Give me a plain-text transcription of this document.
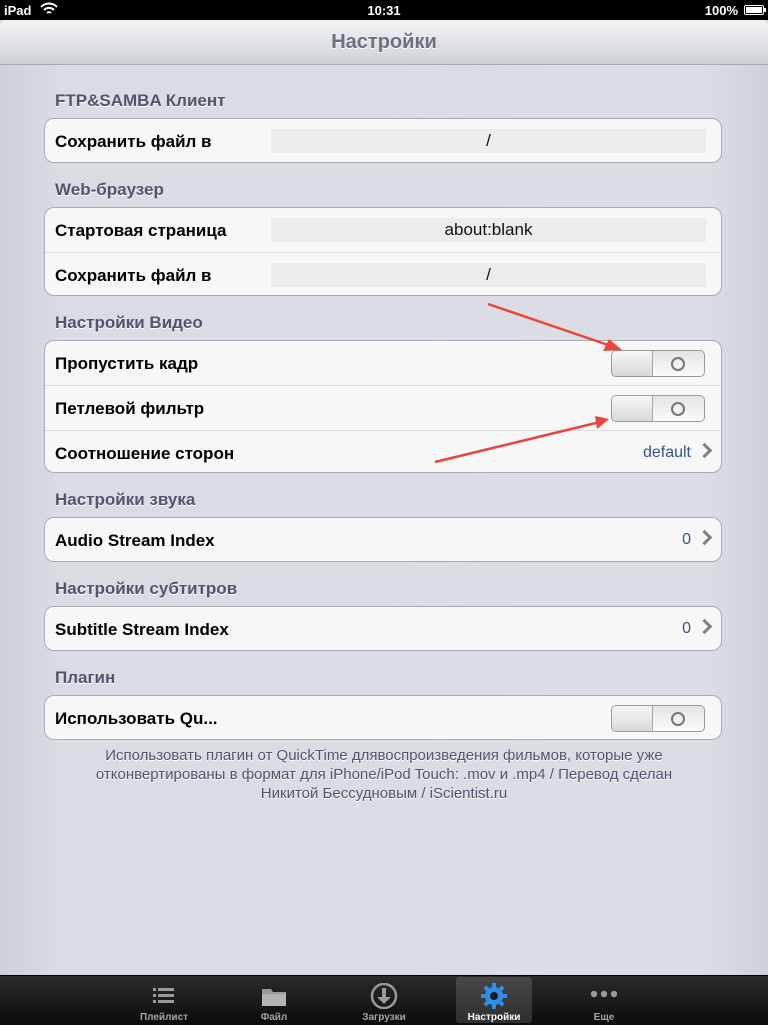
iPad	10:31	100%
Настройки
FTP&SAMBA Клиент
Сохранить файл в	/
Web-браузер
Стартовая страница	about:blank
Сохранить файл в	/
Настройки Видео
Пропустить кадр
Петлевой фильтр
Соотношение сторон	default
Настройки звука
Audio Stream Index	0
Настройки субтитров
Subtitle Stream Index	0
Плагин
Использовать Qu...
Использовать плагин от QuickTime длявоспроизведения фильмов, которые уже отконвертированы в формат для iPhone/iPod Touch: .mov и .mp4 / Перевод сделан Никитой Бессудновым / iScientist.ru
Плейлист	Файл	Загрузки	Настройки	Еще
